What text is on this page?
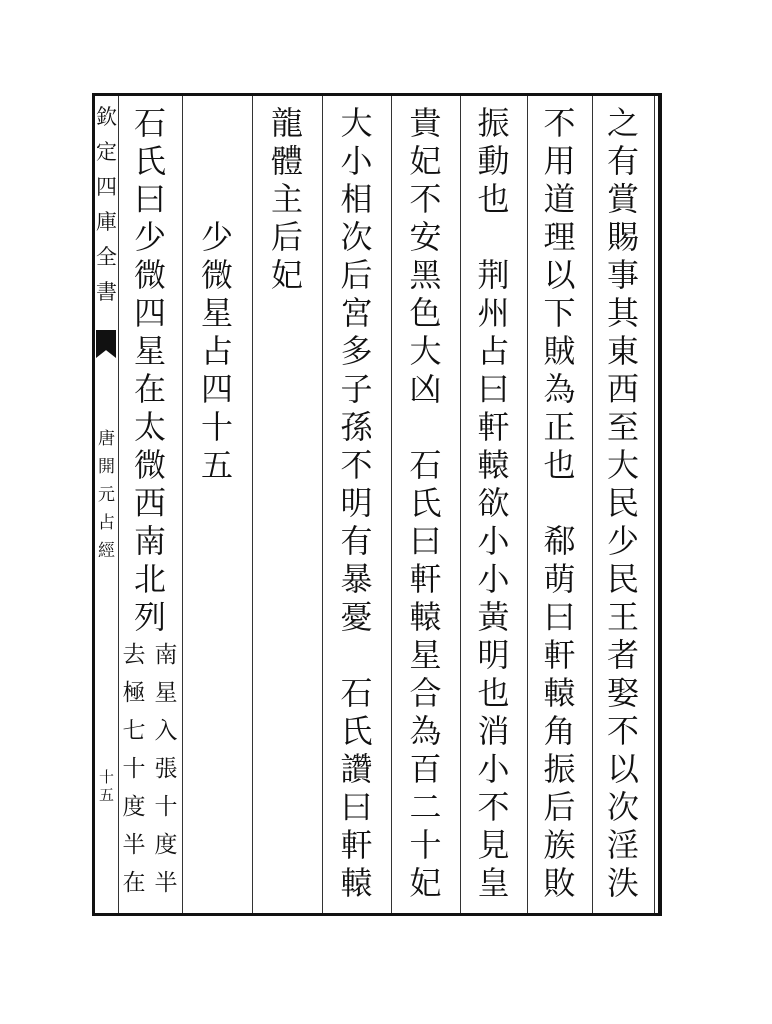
欽
定
四
庫
全
書
唐
開
元
占
經
十
五
之
有
賞
賜
事
其
東
西
至
大
民
少
民
王
者
娶
不
以
次
淫
泆
不
用
道
理
以
下
賊
為
正
也

郗
萌
曰
軒
轅
角
振
后
族
敗
振
動
也

荆
州
占
曰
軒
轅
欲
小
小
黃
明
也
消
小
不
見
皇
貴
妃
不
安
黑
色
大
凶

石
氏
曰
軒
轅
星
合
為
百
二
十
妃
大
小
相
次
后
宮
多
子
孫
不
明
有
暴
憂

石
氏
讚
曰
軒
轅
龍
體
主
后
妃
少
微
星
占
四
十
五
石
氏
曰
少
微
四
星
在
太
微
西
南
北
列
南
星
入
張
十
度
半
去
極
七
十
度
半
在
